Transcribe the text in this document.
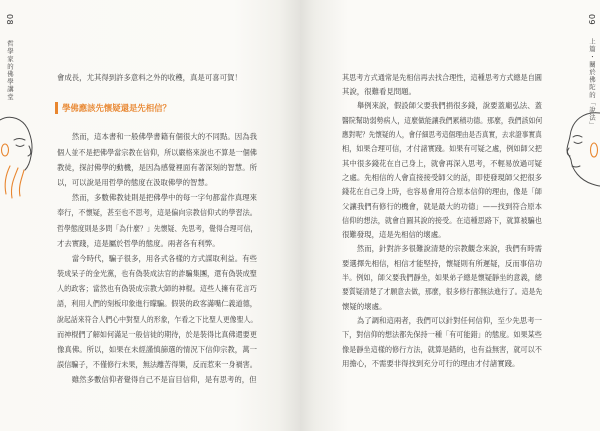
08
哲學家的佛學講堂	會成長，尤其得到許多意料之外的收穫，真是可喜可賀！
學佛應該先懷疑還是先相信？
　　然而，這本書和一般佛學書籍有個很大的不同點。因為我
個人並不是把佛學當宗教在信仰，所以嚴格來說也不算是一個佛
教徒，探討佛學的動機，是因為感覺裡面有著深刻的智慧。所
以，可以說是用哲學的態度在汲取佛學的智慧。
　　然而，多數佛教徒則是把佛學中的每一字句都當作真理來
奉行，不懷疑，甚至也不思考，這是偏向宗教信仰式的學習法。
哲學態度則是多問「為什麼？」先懷疑、先思考，覺得合理可信，
才去實踐，這是屬於哲學的態度。兩者各有利弊。
　　當今時代，騙子很多，用各式各樣的方式謀取利益。有些
裝成呆子的金光黨，也有偽裝成法官的詐騙集團，還有偽裝成聖
人的政客；當然也有偽裝成宗教大師的神棍。這些人擁有花言巧
語，利用人們的刻板印象進行矇騙。假裝的政客滿嘴仁義道德，
說起話來符合人們心中對聖人的形象，乍看之下比聖人更像聖人。
而神棍們了解如何滿足一般信徒的期待，於是裝得比真佛還要更
像真佛。所以，如果在未經謹慎篩選的情況下信仰宗教，萬一
誤信騙子，不僅修行未果，無法離苦得樂，反而惹來一身禍害。
　　雖然多數信仰者覺得自己不是盲目信仰，是有思考的，但
09
上篇・關於佛陀的「說法」
其思考方式通常是先相信再去找合理性，這種思考方式總是自圓
其說，很難看見問題。
　　舉例來說，假設師父要我們捐很多錢，說要蓋廟弘法、蓋
醫院幫助弱勢病人，這麼做能讓我們累積功德。那麼，我們該如何
應對呢？先懷疑的人，會仔細思考這個理由是否真實，去求證事實真
相，如果合理可信，才付諸實踐。如果有可疑之處，例如師父把
其中很多錢花在自己身上，就會再深入思考，不輕易放過可疑
之處。先相信的人會直接接受師父的話，即使發現師父把很多
錢花在自己身上時，也容易會用符合原本信仰的理由，像是「師
父讓我們有修行的機會，就是最大的功德」——找到符合原本
信仰的想法，就會自圓其說的接受。在這種思路下，就算被騙也
很難發現，這是先相信的壞處。
　　然而，針對許多很難說清楚的宗教觀念來說，我們有時需
要選擇先相信，相信才能堅持，懷疑則有所遲疑，反而事倍功
半。例如，師父要我們靜坐，如果弟子總是懷疑靜坐的意義，總
要質疑清楚了才願意去做，那麼，很多修行都無法進行了。這是先
懷疑的壞處。
　　為了調和這兩者，我們可以針對任何信仰，至少先思考一
下，對信仰的想法都先保持一種「有可能錯」的態度。如果某些
像是靜坐這樣的修行方法，就算是錯的，也有益無害，就可以不
用擔心，不需要非得找到充分可行的理由才付諸實踐。
